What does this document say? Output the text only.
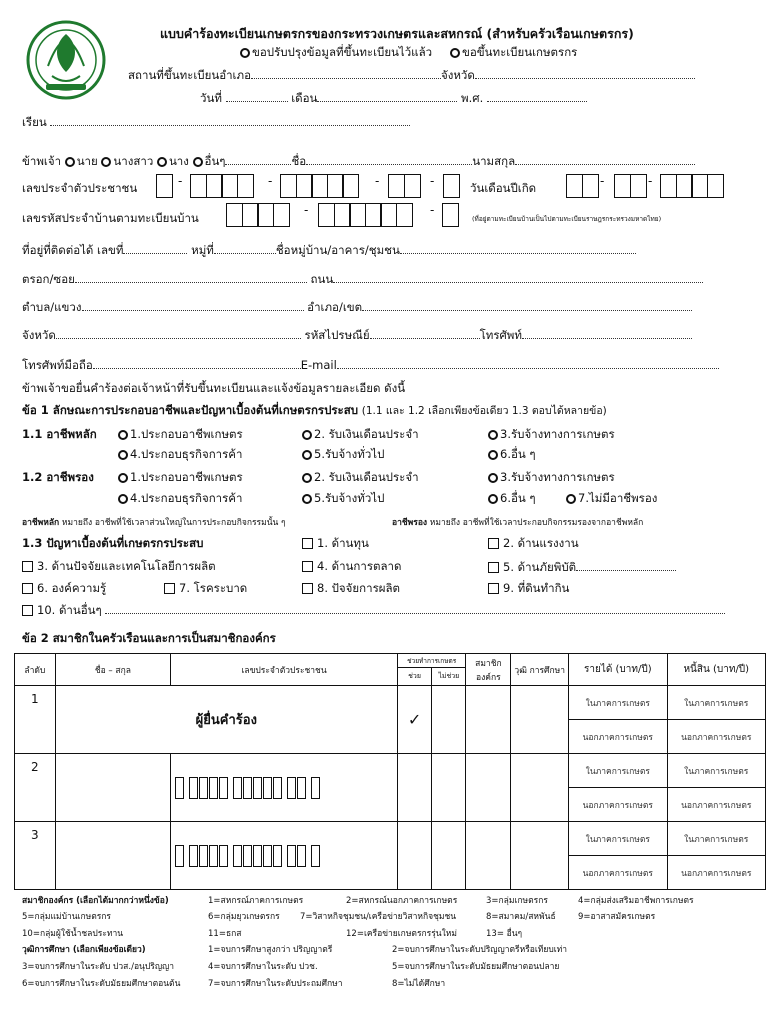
แบบคำร้องทะเบียนเกษตรกรของกระทรวงเกษตรและสหกรณ์ (สำหรับครัวเรือนเกษตรกร)
ขอปรับปรุงข้อมูลที่ขึ้นทะเบียนไว้แล้ว	ขอขึ้นทะเบียนเกษตรกร
สถานที่ขึ้นทะเบียนอำเภอ	จังหวัด
วันที่	เดือน	พ.ศ.
เรียน
ข้าพเจ้า นาย นางสาว นาง อื่นๆ	ชื่อ	นามสกุล
เลขประจำตัวประชาชน	-	-	-	-	วันเดือนปีเกิด	-	-
เลขรหัสประจำบ้านตามทะเบียนบ้าน
-	-
(ที่อยู่ตามทะเบียนบ้านเป็นไปตามทะเบียนราษฎรกระทรวงมหาดไทย)
ที่อยู่ที่ติดต่อได้ เลขที่	หมู่ที่	ชื่อหมู่บ้าน/อาคาร/ชุมชน
ตรอก/ซอย	ถนน
ตำบล/แขวง	อำเภอ/เขต
จังหวัด	รหัสไปรษณีย์	โทรศัพท์
โทรศัพท์มือถือ	E-mail
ข้าพเจ้าขอยื่นคำร้องต่อเจ้าหน้าที่รับขึ้นทะเบียนและแจ้งข้อมูลรายละเอียด ดังนี้
ข้อ 1 ลักษณะการประกอบอาชีพและปัญหาเบื้องต้นที่เกษตรกรประสบ (1.1 และ 1.2 เลือกเพียงข้อเดียว 1.3 ตอบได้หลายข้อ)
1.1 อาชีพหลัก	1.ประกอบอาชีพเกษตร	2. รับเงินเดือนประจำ	3.รับจ้างทางการเกษตร
4.ประกอบธุรกิจการค้า	5.รับจ้างทั่วไป	6.อื่น ๆ
1.2 อาชีพรอง	1.ประกอบอาชีพเกษตร	2. รับเงินเดือนประจำ	3.รับจ้างทางการเกษตร
4.ประกอบธุรกิจการค้า	5.รับจ้างทั่วไป	6.อื่น ๆ	7.ไม่มีอาชีพรอง
อาชีพหลัก หมายถึง อาชีพที่ใช้เวลาส่วนใหญ่ในการประกอบกิจกรรมนั้น ๆ	อาชีพรอง หมายถึง อาชีพที่ใช้เวลาประกอบกิจกรรมรองจากอาชีพหลัก
1.3 ปัญหาเบื้องต้นที่เกษตรกรประสบ	1. ด้านทุน	2. ด้านแรงงาน
3. ด้านปัจจัยและเทคโนโลยีการผลิต	4. ด้านการตลาด	5. ด้านภัยพิบัติ
6. องค์ความรู้	7. โรคระบาด	8. ปัจจัยการผลิต	9. ที่ดินทำกิน
10. ด้านอื่นๆ
ข้อ 2 สมาชิกในครัวเรือนและการเป็นสมาชิกองค์กร
ลำดับ	ชื่อ – สกุล	เลขประจำตัวประชาชน	ช่วยทำการเกษตร		สมาชิก องค์กร	วุฒิ การศึกษา	รายได้ (บาท/ปี)	หนี้สิน (บาท/ปี)
			ช่วย	ไม่ช่วย				
1	ผู้ยื่นคำร้อง		✓				ในภาคการเกษตร	ในภาคการเกษตร
							นอกภาคการเกษตร	นอกภาคการเกษตร
2							ในภาคการเกษตร	ในภาคการเกษตร
							นอกภาคการเกษตร	นอกภาคการเกษตร
3							ในภาคการเกษตร	ในภาคการเกษตร
							นอกภาคการเกษตร	นอกภาคการเกษตร
สมาชิกองค์กร (เลือกได้มากกว่าหนึ่งข้อ)	1=สหกรณ์ภาคการเกษตร	2=สหกรณ์นอกภาคการเกษตร	3=กลุ่มเกษตรกร	4=กลุ่มส่งเสริมอาชีพการเกษตร
5=กลุ่มแม่บ้านเกษตรกร	6=กลุ่มยุวเกษตรกร 7=วิสาหกิจชุมชน/เครือข่ายวิสาหกิจชุมชน	8=สมาคม/สหพันธ์	9=อาสาสมัครเกษตร
10=กลุ่มผู้ใช้น้ำชลประทาน	11=ธกส	12=เครือข่ายเกษตรกรรุ่นใหม่	13= อื่นๆ
วุฒิการศึกษา (เลือกเพียงข้อเดียว)	1=จบการศึกษาสูงกว่า ปริญญาตรี	2=จบการศึกษาในระดับปริญญาตรีหรือเทียบเท่า
3=จบการศึกษาในระดับ ปวส./อนุปริญญา	4=จบการศึกษาในระดับ ปวช.	5=จบการศึกษาในระดับมัธยมศึกษาตอนปลาย
6=จบการศึกษาในระดับมัธยมศึกษาตอนต้น	7=จบการศึกษาในระดับประถมศึกษา	8=ไม่ได้ศึกษา
